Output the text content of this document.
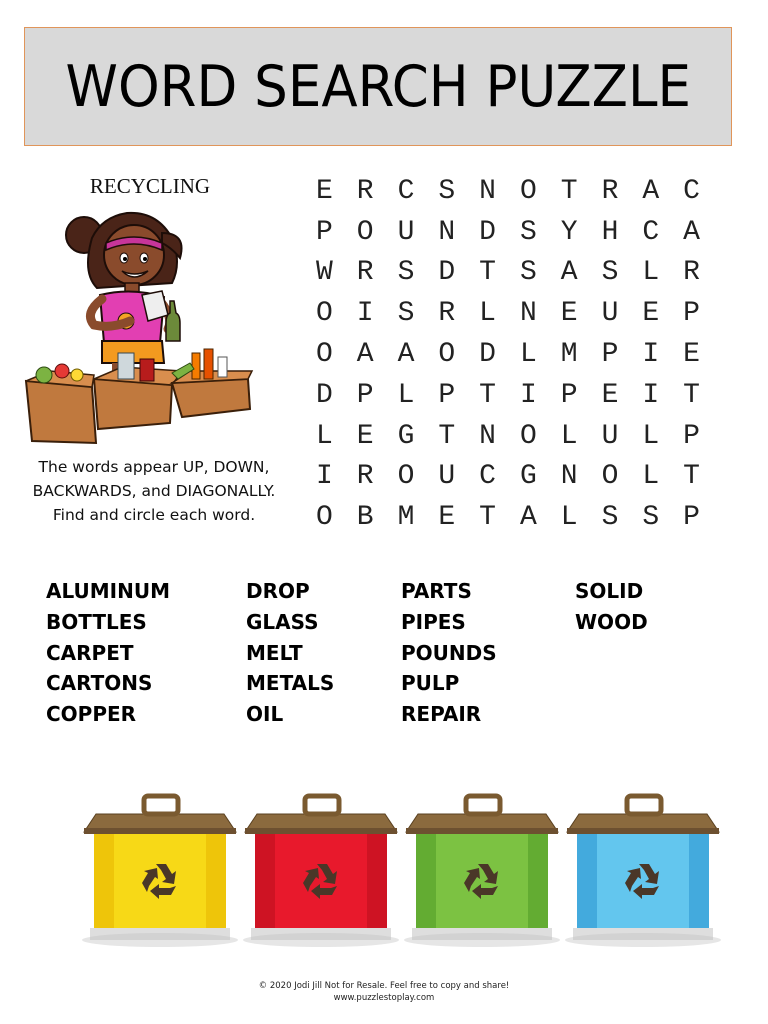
WORD SEARCH PUZZLE
RECYCLING
The words appear UP, DOWN,
BACKWARDS, and DIAGONALLY.
Find and circle each word.
E R C S N O T R A C
P O U N D S Y H C A
W R S D T S A S L R
O I S R L N E U E P
O A A O D L M P I E
D P L P T I P E I T
L E G T N O L U L P
I R O U C G N O L T
O B M E T A L S S P
ALUMINUM
BOTTLES
CARPET
CARTONS
COPPER
DROP
GLASS
MELT
METALS
OIL
PARTS
PIPES
POUNDS
PULP
REPAIR
SOLID
WOOD
© 2020 Jodi Jill Not for Resale. Feel free to copy and share!
www.puzzlestoplay.com
